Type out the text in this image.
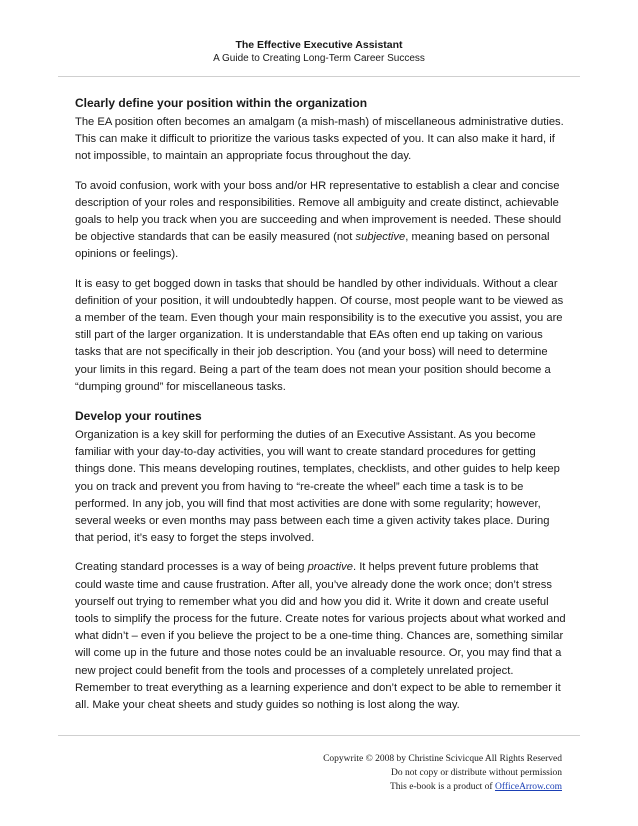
The Effective Executive Assistant
A Guide to Creating Long-Term Career Success
Clearly define your position within the organization

The EA position often becomes an amalgam (a mish-mash) of miscellaneous administrative duties. This can make it difficult to prioritize the various tasks expected of you. It can also make it hard, if not impossible, to maintain an appropriate focus throughout the day.

To avoid confusion, work with your boss and/or HR representative to establish a clear and concise description of your roles and responsibilities. Remove all ambiguity and create distinct, achievable goals to help you track when you are succeeding and when improvement is needed. These should be objective standards that can be easily measured (not subjective, meaning based on personal opinions or feelings).

It is easy to get bogged down in tasks that should be handled by other individuals. Without a clear definition of your position, it will undoubtedly happen. Of course, most people want to be viewed as a member of the team. Even though your main responsibility is to the executive you assist, you are still part of the larger organization. It is understandable that EAs often end up taking on various tasks that are not specifically in their job description. You (and your boss) will need to determine your limits in this regard. Being a part of the team does not mean your position should become a “dumping ground” for miscellaneous tasks.

Develop your routines

Organization is a key skill for performing the duties of an Executive Assistant. As you become familiar with your day-to-day activities, you will want to create standard procedures for getting things done. This means developing routines, templates, checklists, and other guides to help keep you on track and prevent you from having to “re-create the wheel” each time a task is to be performed. In any job, you will find that most activities are done with some regularity; however, several weeks or even months may pass between each time a given activity takes place. During that period, it’s easy to forget the steps involved.

Creating standard processes is a way of being proactive. It helps prevent future problems that could waste time and cause frustration. After all, you’ve already done the work once; don’t stress yourself out trying to remember what you did and how you did it. Write it down and create useful tools to simplify the process for the future. Create notes for various projects about what worked and what didn’t – even if you believe the project to be a one-time thing. Chances are, something similar will come up in the future and those notes could be an invaluable resource. Or, you may find that a new project could benefit from the tools and processes of a completely unrelated project. Remember to treat everything as a learning experience and don’t expect to be able to remember it all. Make your cheat sheets and study guides so nothing is lost along the way.

Copywrite © 2008 by Christine Scivicque All Rights Reserved
Do not copy or distribute without permission
This e-book is a product of OfficeArrow.com
